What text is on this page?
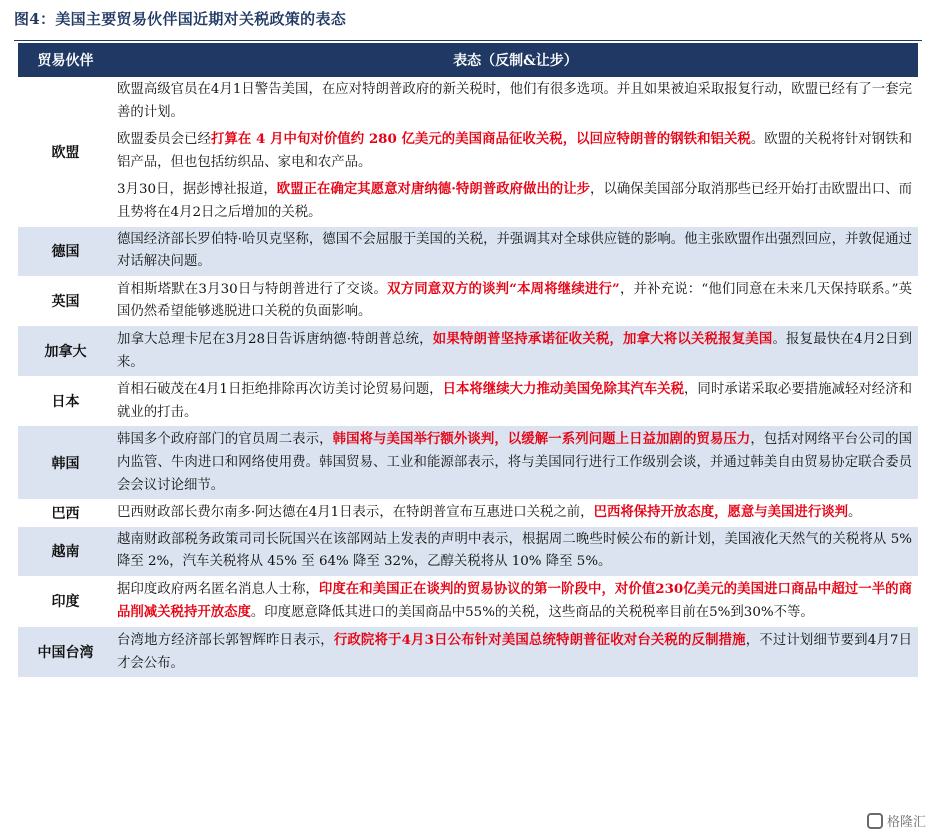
图4：美国主要贸易伙伴国近期对关税政策的表态
贸易伙伴	表态（反制&让步）
欧盟	欧盟高级官员在4月1日警告美国，在应对特朗普政府的新关税时，他们有很多选项。并且如果被迫采取报复行动，欧盟已经有了一套完善的计划。
	欧盟委员会已经打算在 4 月中旬对价值约 280 亿美元的美国商品征收关税，以回应特朗普的钢铁和铝关税。欧盟的关税将针对钢铁和铝产品，但也包括纺织品、家电和农产品。
	3月30日，据彭博社报道，欧盟正在确定其愿意对唐纳德·特朗普政府做出的让步，以确保美国部分取消那些已经开始打击欧盟出口、而且势将在4月2日之后增加的关税。
德国	德国经济部长罗伯特·哈贝克坚称，德国不会屈服于美国的关税，并强调其对全球供应链的影响。他主张欧盟作出强烈回应，并敦促通过对话解决问题。
英国	首相斯塔默在3月30日与特朗普进行了交谈。双方同意双方的谈判“本周将继续进行”，并补充说：“他们同意在未来几天保持联系。”英国仍然希望能够逃脱进口关税的负面影响。
加拿大	加拿大总理卡尼在3月28日告诉唐纳德·特朗普总统，如果特朗普坚持承诺征收关税，加拿大将以关税报复美国。报复最快在4月2日到来。
日本	首相石破茂在4月1日拒绝排除再次访美讨论贸易问题，日本将继续大力推动美国免除其汽车关税，同时承诺采取必要措施减轻对经济和就业的打击。
韩国	韩国多个政府部门的官员周二表示，韩国将与美国举行额外谈判，以缓解一系列问题上日益加剧的贸易压力，包括对网络平台公司的国内监管、牛肉进口和网络使用费。韩国贸易、工业和能源部表示，将与美国同行进行工作级别会谈，并通过韩美自由贸易协定联合委员会会议讨论细节。
巴西	巴西财政部长费尔南多·阿达德在4月1日表示，在特朗普宣布互惠进口关税之前，巴西将保持开放态度，愿意与美国进行谈判。
越南	越南财政部税务政策司司长阮国兴在该部网站上发表的声明中表示，根据周二晚些时候公布的新计划，美国液化天然气的关税将从 5% 降至 2%，汽车关税将从 45% 至 64% 降至 32%，乙醇关税将从 10% 降至 5%。
印度	据印度政府两名匿名消息人士称，印度在和美国正在谈判的贸易协议的第一阶段中，对价值230亿美元的美国进口商品中超过一半的商品削减关税持开放态度。印度愿意降低其进口的美国商品中55%的关税，这些商品的关税税率目前在5%到30%不等。
中国台湾	台湾地方经济部长郭智辉昨日表示，行政院将于4月3日公布针对美国总统特朗普征收对台关税的反制措施，不过计划细节要到4月7日才会公布。
格隆汇
